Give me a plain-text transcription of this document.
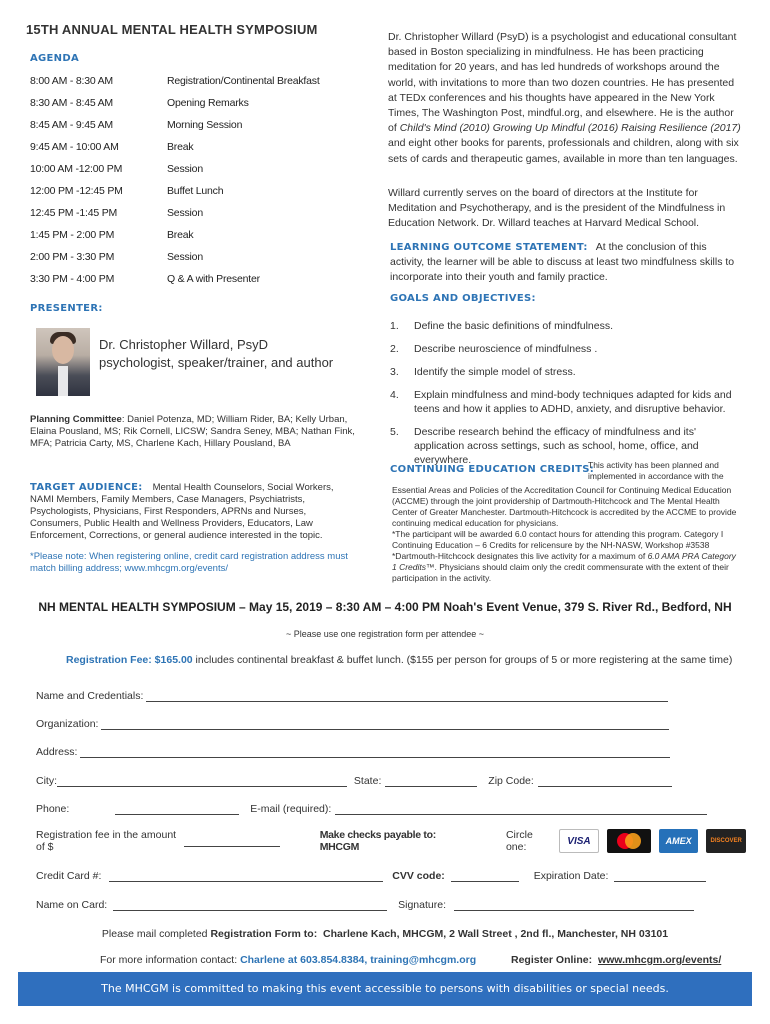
15TH ANNUAL MENTAL HEALTH SYMPOSIUM
AGENDA
8:00 AM - 8:30 AM	Registration/Continental Breakfast
8:30 AM - 8:45 AM	Opening Remarks
8:45 AM - 9:45 AM	Morning Session
9:45 AM - 10:00 AM	Break
10:00 AM -12:00 PM	Session
12:00 PM -12:45 PM	Buffet Lunch
12:45 PM -1:45 PM	Session
1:45 PM - 2:00 PM	Break
2:00 PM - 3:30 PM	Session
3:30 PM - 4:00 PM	Q & A with Presenter
PRESENTER:
Dr. Christopher Willard, PsyD
psychologist, speaker/trainer, and author
Planning Committee: Daniel Potenza, MD; William Rider, BA; Kelly Urban, Elaina Pousland, MS; Rik Cornell, LICSW; Sandra Seney, MBA; Nathan Fink, MFA; Patricia Carty, MS, Charlene Kach, Hillary Pousland, BA
TARGET AUDIENCE: Mental Health Counselors, Social Workers, NAMI Members, Family Members, Case Managers, Psychiatrists, Psychologists, Physicians, First Responders, APRNs and Nurses, Consumers, Public Health and Wellness Providers, Educators, Law Enforcement, Corrections, or general audience interested in the topic.
*Please note: When registering online, credit card registration address must match billing address; www.mhcgm.org/events/
Dr. Christopher Willard (PsyD) is a psychologist and educational consultant based in Boston specializing in mindfulness. He has been practicing meditation for 20 years, and has led hundreds of workshops around the world, with invitations to more than two dozen countries. He has presented at TEDx conferences and his thoughts have appeared in the New York Times, The Washington Post, mindful.org, and elsewhere. He is the author of Child's Mind (2010) Growing Up Mindful (2016) Raising Resilience (2017) and eight other books for parents, professionals and children, along with six sets of cards and therapeutic games, available in more than ten languages.
Willard currently serves on the board of directors at the Institute for Meditation and Psychotherapy, and is the president of the Mindfulness in Education Network. Dr. Willard teaches at Harvard Medical School.
LEARNING OUTCOME STATEMENT: At the conclusion of this activity, the learner will be able to discuss at least two mindfulness skills to incorporate into their youth and family practice.
GOALS AND OBJECTIVES:
1.	Define the basic definitions of mindfulness.
2.	Describe neuroscience of mindfulness .
3.	Identify the simple model of stress.
4.	Explain mindfulness and mind-body techniques adapted for kids and teens and how it applies to ADHD, anxiety, and disruptive behavior.
5.	Describe research behind the efficacy of mindfulness and its' application across settings, such as school, home, office, and everywhere.
CONTINUING EDUCATION CREDITS:
This activity has been planned and implemented in accordance with the
Essential Areas and Policies of the Accreditation Council for Continuing Medical Education (ACCME) through the joint providership of Dartmouth-Hitchcock and The Mental Health Center of Greater Manchester. Dartmouth-Hitchcock is accredited by the ACCME to provide continuing medical education for physicians.
*The participant will be awarded 6.0 contact hours for attending this program. Category I Continuing Education – 6 Credits for relicensure by the NH-NASW, Workshop #3538
*Dartmouth-Hitchcock designates this live activity for a maximum of 6.0 AMA PRA Category 1 Credits™. Physicians should claim only the credit commensurate with the extent of their participation in the activity.
NH MENTAL HEALTH SYMPOSIUM – May 15, 2019 – 8:30 AM – 4:00 PM Noah's Event Venue, 379 S. River Rd., Bedford, NH
~ Please use one registration form per attendee ~
Registration Fee: $165.00 includes continental breakfast & buffet lunch. ($155 per person for groups of 5 or more registering at the same time)
Name and Credentials:
Organization:
Address:
City:	State:	Zip Code:
Phone:	E-mail (required):
Registration fee in the amount of $
Make checks payable to: MHCGM
Circle one:	VISA	AMEX	DISCOVER
Credit Card #:	CVV code:	Expiration Date:
Name on Card:	Signature:
Please mail completed Registration Form to: Charlene Kach, MHCGM, 2 Wall Street , 2nd fl., Manchester, NH 03101
For more information contact: Charlene at 603.854.8384, training@mhcgm.org	Register Online: www.mhcgm.org/events/
The MHCGM is committed to making this event accessible to persons with disabilities or special needs.
